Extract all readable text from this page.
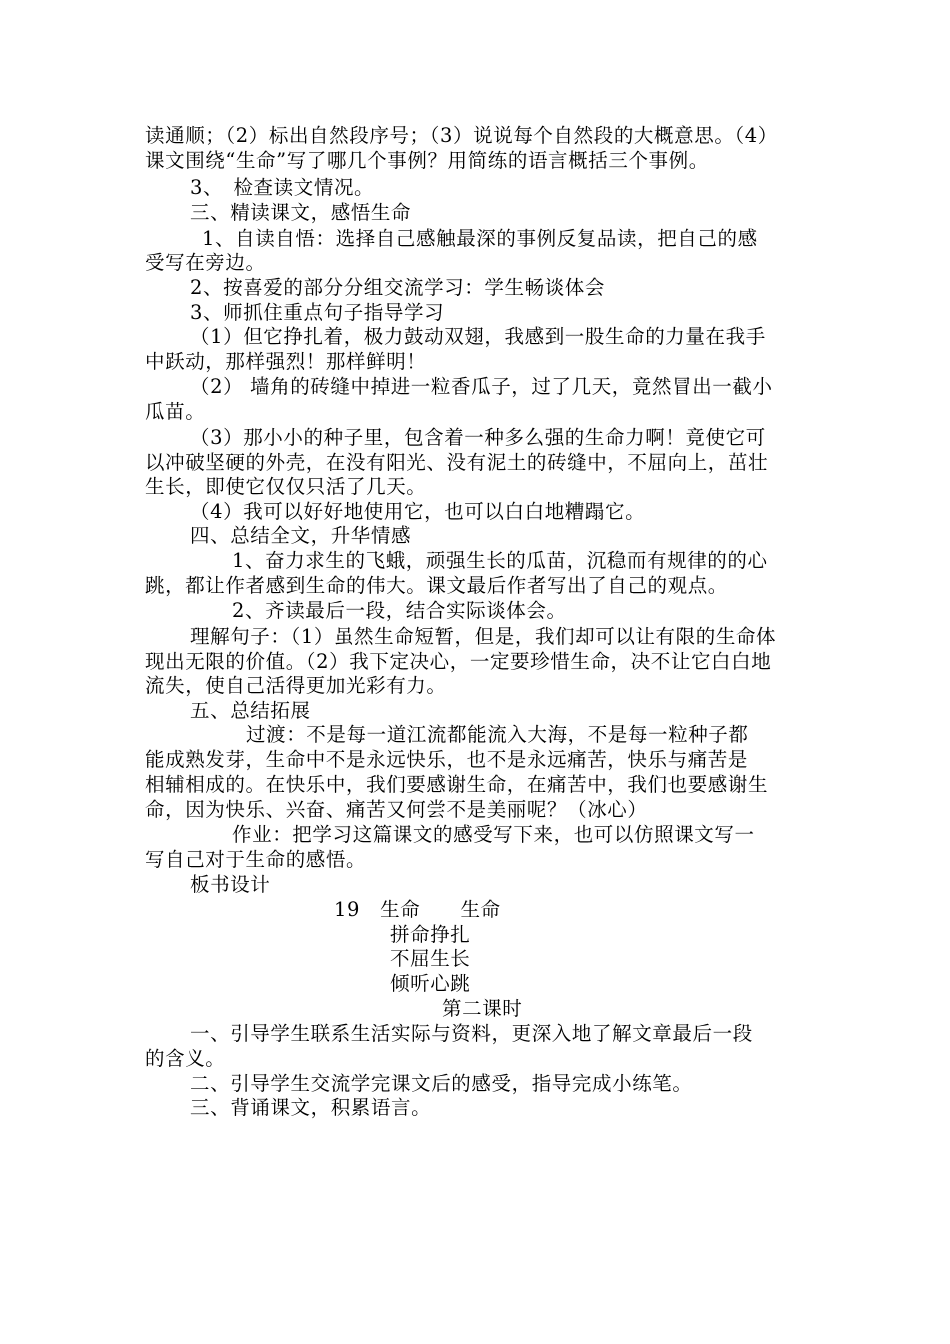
读通顺；（2）标出自然段序号；（3）说说每个自然段的大概意思。（4）
课文围绕“生命”写了哪几个事例？用简练的语言概括三个事例。
3、　检查读文情况。
三、精读课文，感悟生命
1、自读自悟：选择自己感触最深的事例反复品读，把自己的感
受写在旁边。
2、按喜爱的部分分组交流学习：学生畅谈体会
3、师抓住重点句子指导学习
（1）但它挣扎着，极力鼓动双翅，我感到一股生命的力量在我手
中跃动，那样强烈！那样鲜明！
（2） 墙角的砖缝中掉进一粒香瓜子，过了几天，竟然冒出一截小
瓜苗。
（3）那小小的种子里，包含着一种多么强的生命力啊！竟使它可
以冲破坚硬的外壳，在没有阳光、没有泥土的砖缝中，不屈向上，茁壮
生长，即使它仅仅只活了几天。
（4）我可以好好地使用它，也可以白白地糟蹋它。
四、总结全文，升华情感
1、奋力求生的飞蛾，顽强生长的瓜苗，沉稳而有规律的的心
跳，都让作者感到生命的伟大。课文最后作者写出了自己的观点。
2、齐读最后一段，结合实际谈体会。
理解句子：（1）虽然生命短暂，但是，我们却可以让有限的生命体
现出无限的价值。（2）我下定决心，一定要珍惜生命，决不让它白白地
流失，使自己活得更加光彩有力。
五、总结拓展
过渡：不是每一道江流都能流入大海，不是每一粒种子都
能成熟发芽，生命中不是永远快乐，也不是永远痛苦，快乐与痛苦是
相辅相成的。在快乐中，我们要感谢生命，在痛苦中，我们也要感谢生
命，因为快乐、兴奋、痛苦又何尝不是美丽呢？（冰心）
作业：把学习这篇课文的感受写下来，也可以仿照课文写一
写自己对于生命的感悟。
板书设计
19　生命　　生命
拼命挣扎
不屈生长
倾听心跳
第二课时
一、引导学生联系生活实际与资料，更深入地了解文章最后一段
的含义。
二、引导学生交流学完课文后的感受，指导完成小练笔。
三、背诵课文，积累语言。
